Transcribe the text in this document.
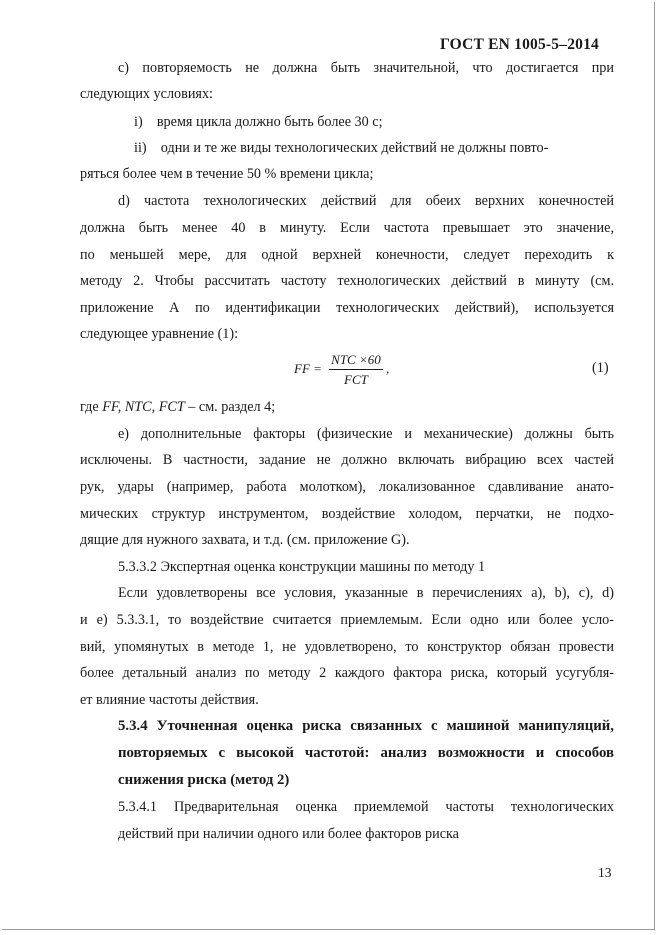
ГОСТ EN 1005-5–2014
c) повторяемость не должна быть значительной, что достигается при
следующих условиях:
i) время цикла должно быть более 30 с;
ii) одни и те же виды технологических действий не должны повто-
ряться более чем в течение 50 % времени цикла;
d) частота технологических действий для обеих верхних конечностей
должна быть менее 40 в минуту. Если частота превышает это значение,
по меньшей мере, для одной верхней конечности, следует переходить к
методу 2. Чтобы рассчитать частоту технологических действий в минуту (см.
приложение А по идентификации технологических действий), используется
следующее уравнение (1):
FF = $\frac{\text{NTC ×60}}{\text{FCT}}$ ,	(1)
где FF, NTC, FCT – см. раздел 4;
e) дополнительные факторы (физические и механические) должны быть
исключены. В частности, задание не должно включать вибрацию всех частей
рук, удары (например, работа молотком), локализованное сдавливание анато-
мических структур инструментом, воздействие холодом, перчатки, не подхо-
дящие для нужного захвата, и т.д. (см. приложение G).
5.3.3.2 Экспертная оценка конструкции машины по методу 1
Если удовлетворены все условия, указанные в перечислениях а), b), c), d)
и е) 5.3.3.1, то воздействие считается приемлемым. Если одно или более усло-
вий, упомянутых в методе 1, не удовлетворено, то конструктор обязан провести
более детальный анализ по методу 2 каждого фактора риска, который усугубля-
ет влияние частоты действия.
5.3.4 Уточненная оценка риска связанных с машиной манипуляций,
повторяемых с высокой частотой: анализ возможности и способов
снижения риска (метод 2)
5.3.4.1 Предварительная оценка приемлемой частоты технологических
действий при наличии одного или более факторов риска
13
